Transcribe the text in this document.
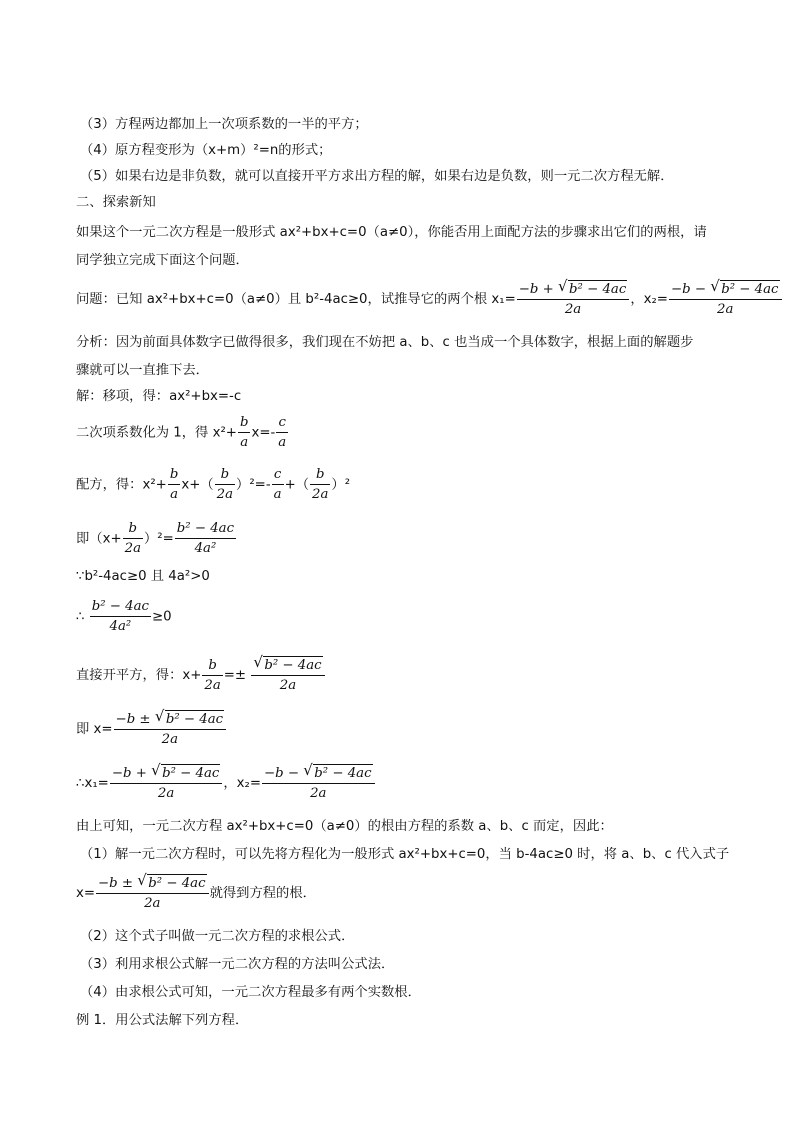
（3）方程两边都加上一次项系数的一半的平方；
（4）原方程变形为（x+m）²=n的形式；
（5）如果右边是非负数，就可以直接开平方求出方程的解，如果右边是负数，则一元二次方程无解．
二、探索新知
如果这个一元二次方程是一般形式 ax²+bx+c=0（a≠0），你能否用上面配方法的步骤求出它们的两根，请
同学独立完成下面这个问题．
问题：已知 ax²+bx+c=0（a≠0）且 b²-4ac≥0，试推导它的两个根 $x_1= \frac{\text{−b + √ b² − 4ac}}{2a}$ ，$x_2= \frac{\text{−b − √ b² − 4ac}}{2a}$
分析：因为前面具体数字已做得很多，我们现在不妨把 a、b、c 也当成一个具体数字，根据上面的解题步
骤就可以一直推下去．
解：移项，得：ax²+bx=-c
二次项系数化为 1，得 $x^2+ \frac{b}{a} x=- \frac{c}{a}$
配方，得：$x^2+ \frac{b}{a} x+( \frac{b}{2a} )^2=- \frac{c}{a}$ +（ $\frac{b}{2a} )^2$
即$(x+ \frac{b}{2a} )^2= \frac{\text{b² − 4ac}}{\text{4a²}}$
∵b²-4ac≥0 且 4a²>0
∴ $\frac{\text{b² − 4ac}}{\text{4a²}} \ge 0$
直接开平方，得：$x+ \frac{b}{2a}$ =± √ $\frac{\text{b² − 4ac}}{2a}$
即 $x= \frac{\text{−b ± √ b² − 4ac}}{2a}$
∴x₁= $\frac{\text{−b + √ b² − 4ac}}{2a}$ ，$x_2= \frac{\text{−b − √ b² − 4ac}}{2a}$
由上可知，一元二次方程 ax²+bx+c=0（a≠0）的根由方程的系数 a、b、c 而定，因此：
（1）解一元二次方程时，可以先将方程化为一般形式 ax²+bx+c=0，当 b-4ac≥0 时，将 a、b、c 代入式子
$x= \frac{\text{−b ± √ b² − 4ac}}{2a}$ 就得到方程的根．
（2）这个式子叫做一元二次方程的求根公式．
（3）利用求根公式解一元二次方程的方法叫公式法．
（4）由求根公式可知，一元二次方程最多有两个实数根．
例 1．用公式法解下列方程．
